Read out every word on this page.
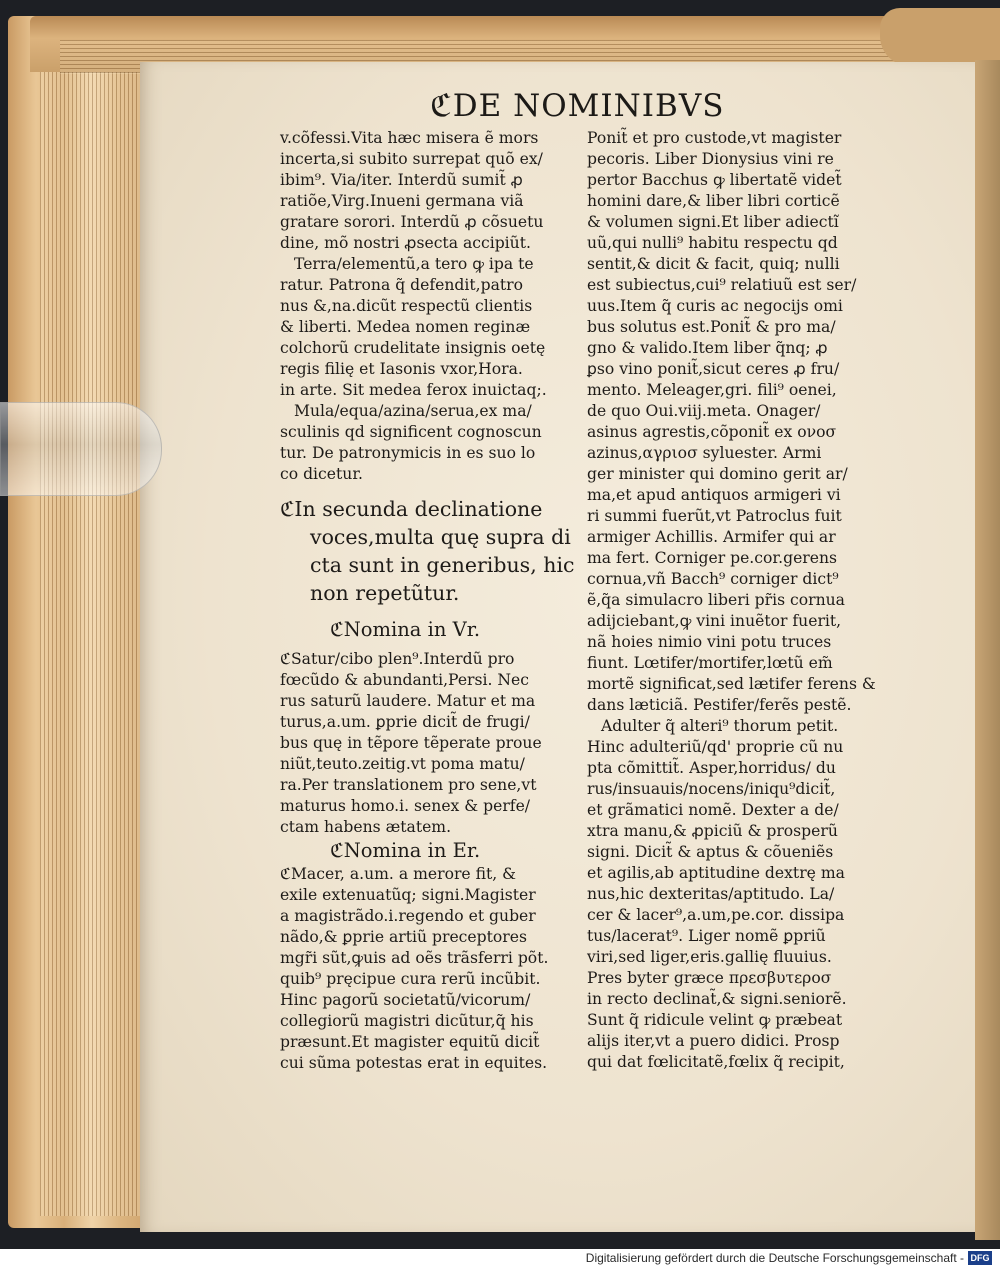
ℭDE NOMINIBVS

v.cõfessi.Vita hæc misera ẽ mors

incerta,si subito surrepat quõ ex/

ibim⁹. Via/iter. Interdũ sumit̃ ꝓ

ratiõe,Virg.Inueni germana viã

gratare sorori. Interdũ ꝓ cõsuetu

dine, mõ nostri ꝓsecta accipiũt.

Terra/elementũ,a tero ꝙ ipa te

ratur. Patrona q̃ defendit,patro

nus &,na.dicũt respectũ clientis

& liberti. Medea nomen reginæ

colchorũ crudelitate insignis oetę

regis filię et Iasonis vxor,Hora.

in arte. Sit medea ferox inuictaq;.

Mula/equa/azina/serua,ex ma/

sculinis qd significent cognoscun

tur. De patronymicis in es suo lo

co dicetur.

ℭIn secunda declinatione

voces,multa quę supra di

cta sunt in generibus, hic

non repetũtur.

ℭNomina in Vr.

ℭSatur/cibo plen⁹.Interdũ pro

fœcũdo & abundanti,Persi. Nec

rus saturũ laudere. Matur et ma

turus,a.um. ꝑprie dicit̃ de frugi/

bus quę in tẽpore tẽperate proue

niũt,teuto.zeitig.vt poma matu/

ra.Per translationem pro sene,vt

maturus homo.i. senex & perfe/

ctam habens ætatem.

ℭNomina in Er.

ℭMacer, a.um. a merore fit, &

exile extenuatũq; signi.Magister

a magistrãdo.i.regendo et guber

nãdo,& ꝑprie artiũ preceptores

mgr̃i sũt,ꝙuis ad oẽs trãsferri põt.

quib⁹ pręcipue cura rerũ incũbit.

Hinc pagorũ societatũ/vicorum/

collegiorũ magistri dicũtur,q̃ his

præsunt.Et magister equitũ dicit̃

cui sũma potestas erat in equites.

Ponit̃ et pro custode,vt magister

pecoris. Liber Dionysius vini re

pertor Bacchus ꝙ libertatẽ videt̃

homini dare,& liber libri corticẽ

& volumen signi.Et liber adiectĩ

uũ,qui nulli⁹ habitu respectu qd

sentit,& dicit & facit, quiq; nulli

est subiectus,cui⁹ relatiuũ est ser/

uus.Item q̃ curis ac negocijs omi

bus solutus est.Ponit̃ & pro ma/

gno & valido.Item liber q̃nq; ꝓ

ꝑso vino ponit̃,sicut ceres ꝓ fru/

mento. Meleager,gri. fili⁹ oenei,

de quo Oui.viij.meta. Onager/

asinus agrestis,cõponit̃ ex ονοσ

azinus,αγριοσ syluester. Armi

ger minister qui domino gerit ar/

ma,et apud antiquos armigeri vi

ri summi fuerũt,vt Patroclus fuit

armiger Achillis. Armifer qui ar

ma fert. Corniger pe.cor.gerens

cornua,vñ Bacch⁹ corniger dict⁹

ẽ,q̃a simulacro liberi pr̃is cornua

adijciebant,ꝙ vini inuẽtor fuerit,

nã hoies nimio vini potu truces

fiunt. Lœtifer/mortifer,lœtũ em̃

mortẽ significat,sed lætifer ferens &

dans læticiã. Pestifer/ferẽs pestẽ.

Adulter q̃ alteri⁹ thorum petit.

Hinc adulteriũ/qd' proprie cũ nu

pta cõmittit̃. Asper,horridus/ du

rus/insuauis/nocens/iniqu⁹dicit̃,

et grãmatici nomẽ. Dexter a de/

xtra manu,& ꝓpiciũ & prosperũ

signi. Dicit̃ & aptus & cõueniẽs

et agilis,ab aptitudine dextrę ma

nus,hic dexteritas/aptitudo. La/

cer & lacer⁹,a.um,pe.cor. dissipa

tus/lacerat⁹. Liger nomẽ ꝑpriũ

viri,sed liger,eris.gallię fluuius.

Pres byter græce πρεσβυτεροσ

in recto declinat̃,& signi.seniorẽ.

Sunt q̃ ridicule velint ꝙ præbeat

alijs iter,vt a puero didici. Prosp

qui dat fœlicitatẽ,fœlix q̃ recipit,

Digitalisierung gefördert durch die Deutsche Forschungsgemeinschaft - DFG
